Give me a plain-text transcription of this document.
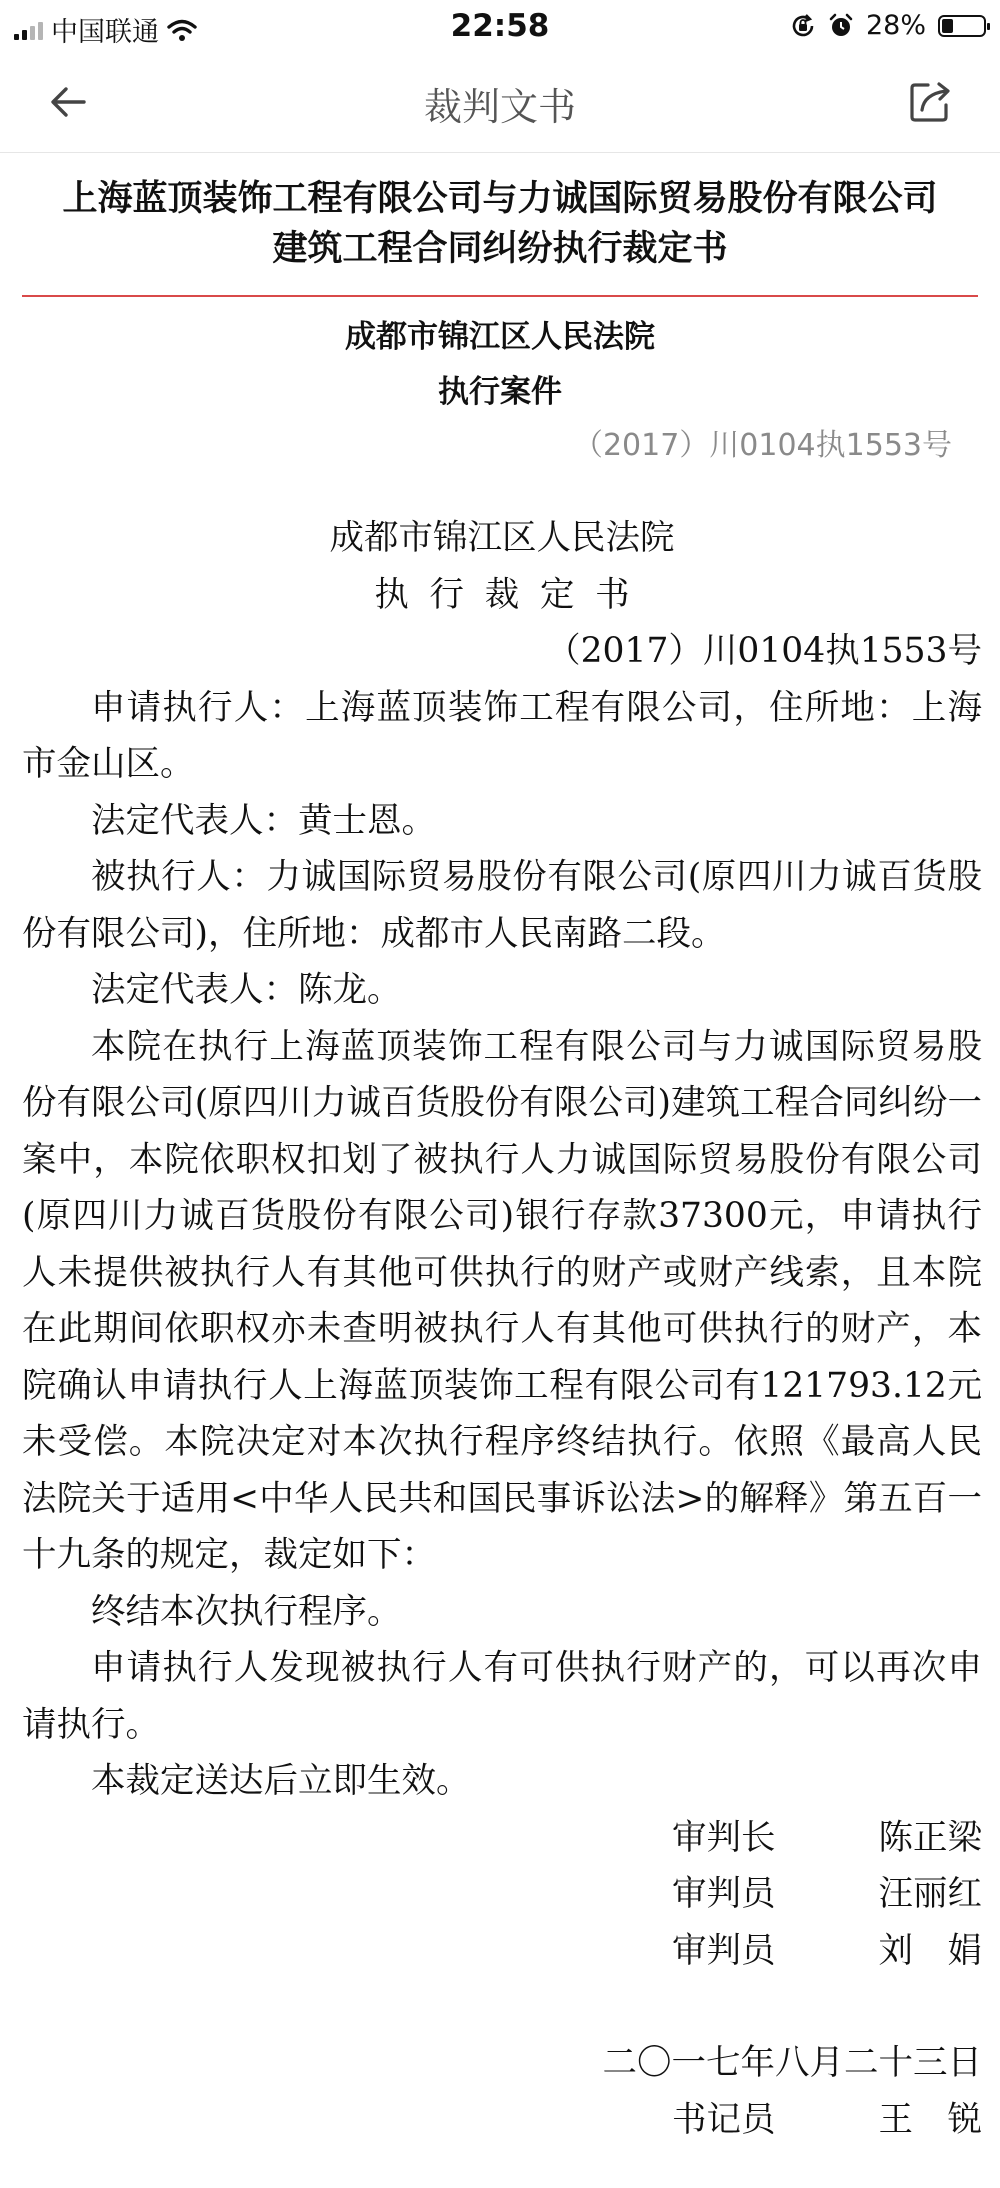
中国联通	22:58	28%
裁判文书
上海蓝顶装饰工程有限公司与力诚国际贸易股份有限公司
建筑工程合同纠纷执行裁定书
成都市锦江区人民法院
执行案件
（2017）川0104执1553号
成都市锦江区人民法院
执行裁定书
（2017）川0104执1553号

申请执行人：上海蓝顶装饰工程有限公司，住所地：上海市金山区。

法定代表人：黄士恩。

被执行人：力诚国际贸易股份有限公司(原四川力诚百货股份有限公司)，住所地：成都市人民南路二段。

法定代表人：陈龙。

本院在执行上海蓝顶装饰工程有限公司与力诚国际贸易股份有限公司(原四川力诚百货股份有限公司)建筑工程合同纠纷一案中，本院依职权扣划了被执行人力诚国际贸易股份有限公司(原四川力诚百货股份有限公司)银行存款37300元，申请执行人未提供被执行人有其他可供执行的财产或财产线索，且本院在此期间依职权亦未查明被执行人有其他可供执行的财产，本院确认申请执行人上海蓝顶装饰工程有限公司有121793.12元未受偿。本院决定对本次执行程序终结执行。依照《最高人民法院关于适用<中华人民共和国民事诉讼法>的解释》第五百一十九条的规定，裁定如下：

终结本次执行程序。

申请执行人发现被执行人有可供执行财产的，可以再次申请执行。

本裁定送达后立即生效。

审判长	陈正梁
审判员	汪丽红
审判员	刘　娟
二〇一七年八月二十三日
书记员	王　锐
